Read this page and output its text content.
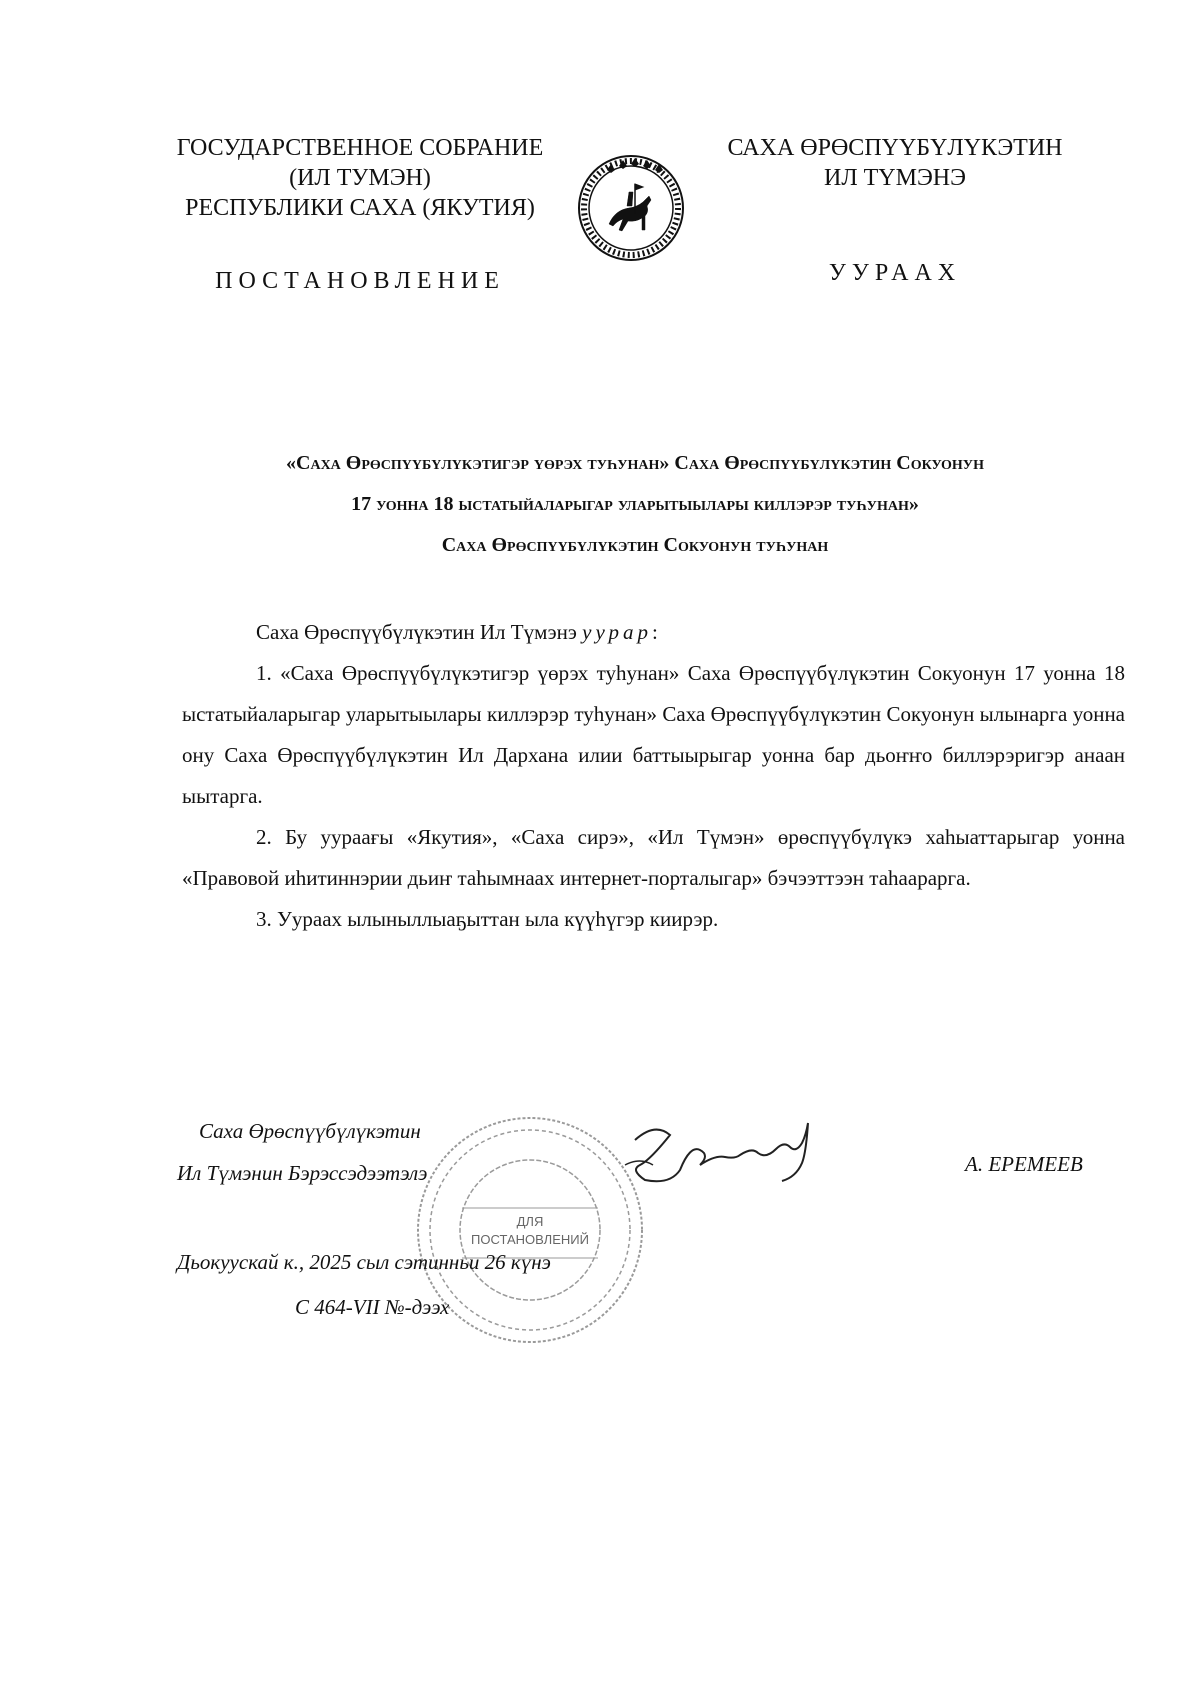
ГОСУДАРСТВЕННОЕ СОБРАНИЕ
(ИЛ ТУМЭН)
РЕСПУБЛИКИ САХА (ЯКУТИЯ)
САХА ӨРӨСПҮҮБҮЛҮКЭТИН
ИЛ ТҮМЭНЭ
ПОСТАНОВЛЕНИЕ	УУРААХ
«Саха Өрөспүүбүлүкэтигэр үөрэх туһунан» Саха Өрөспүүбүлүкэтин Сокуонун
17 уонна 18 ыстатыйаларыгар уларытыылары киллэрэр туһунан»
Саха Өрөспүүбүлүкэтин Сокуонун туһунан

Саха Өрөспүүбүлүкэтин Ил Түмэнэ уурар:

1. «Саха Өрөспүүбүлүкэтигэр үөрэх туһунан» Саха Өрөспүүбүлүкэтин Сокуонун 17 уонна 18 ыстатыйаларыгар уларытыылары киллэрэр туһунан» Саха Өрөспүүбүлүкэтин Сокуонун ылынарга уонна ону Саха Өрөспүүбүлүкэтин Ил Дархана илии баттыырыгар уонна бар дьоҥҥо биллэрэригэр анаан ыытарга.

2. Бу уураағы «Якутия», «Саха сирэ», «Ил Түмэн» өрөспүүбүлүкэ хаһыаттарыгар уонна «Правовой иһитиннэрии дьиҥ таһымнаах интернет-порталыгар» бэчээттээн таһаарарга.

3. Уураах ылыныллыаҕыттан ыла күүһүгэр киирэр.

ДЛЯ
ПОСТАНОВЛЕНИЙ
Саха Өрөспүүбүлүкэтин
Ил Түмэнин Бэрэссэдээтэлэ	А. ЕРЕМЕЕВ
Дьокуускай к., 2025 сыл сэтинньи 26 күнэ
С 464-VII №-дээх
